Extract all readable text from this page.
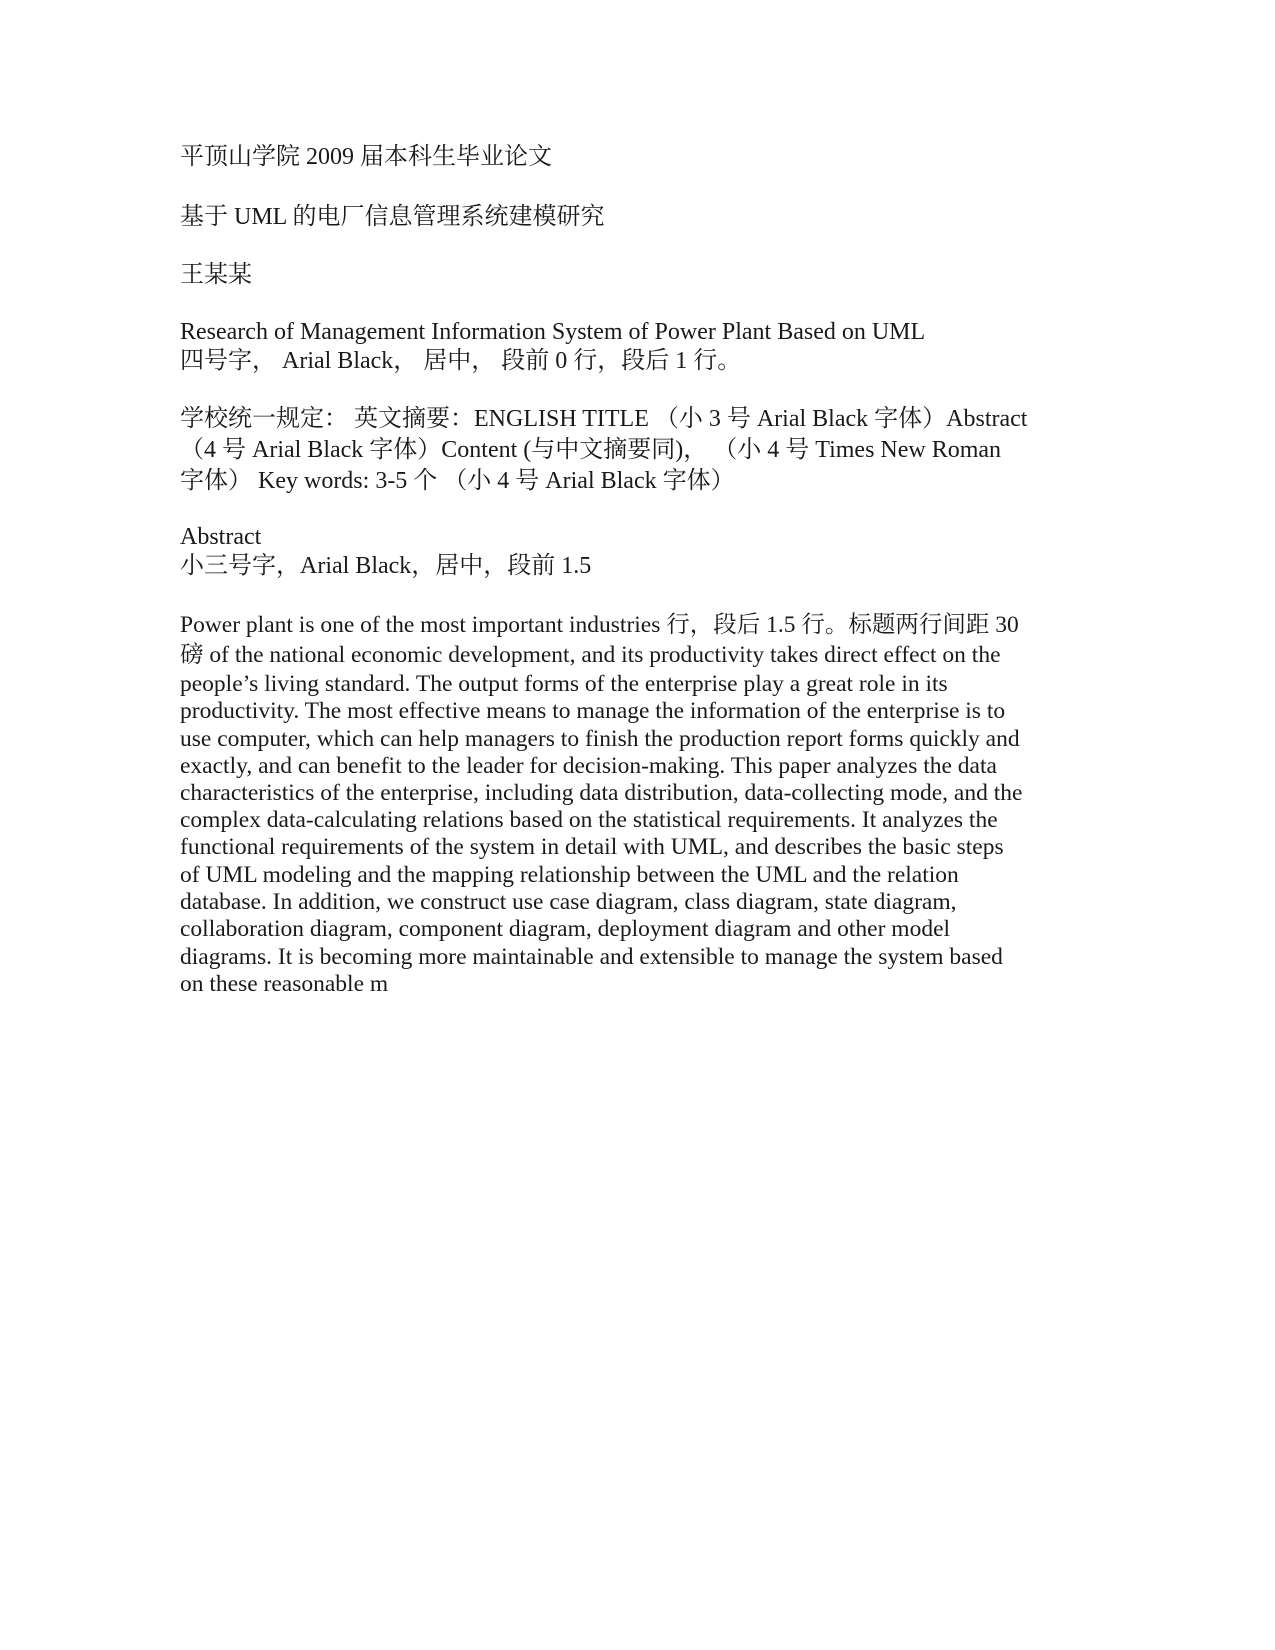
平顶山学院 2009 届本科生毕业论文
基于 UML 的电厂信息管理系统建模研究
王某某
Research of Management Information System of Power Plant Based on UML
四号字， Arial Black， 居中， 段前 0 行，段后 1 行。
学校统一规定： 英文摘要：ENGLISH TITLE （小 3 号 Arial Black 字体）Abstract
（4 号 Arial Black 字体）Content (与中文摘要同)， （小 4 号 Times New Roman
字体） Key words: 3-5 个 （小 4 号 Arial Black 字体）
Abstract
小三号字，Arial Black，居中，段前 1.5
Power plant is one of the most important industries 行，段后 1.5 行。标题两行间距 30
磅 of the national economic development, and its productivity takes direct effect on the
people’s living standard. The output forms of the enterprise play a great role in its
productivity. The most effective means to manage the information of the enterprise is to
use computer, which can help managers to finish the production report forms quickly and
exactly, and can benefit to the leader for decision-making. This paper analyzes the data
characteristics of the enterprise, including data distribution, data-collecting mode, and the
complex data-calculating relations based on the statistical requirements. It analyzes the
functional requirements of the system in detail with UML, and describes the basic steps
of UML modeling and the mapping relationship between the UML and the relation
database. In addition, we construct use case diagram, class diagram, state diagram,
collaboration diagram, component diagram, deployment diagram and other model
diagrams. It is becoming more maintainable and extensible to manage the system based
on these reasonable m
